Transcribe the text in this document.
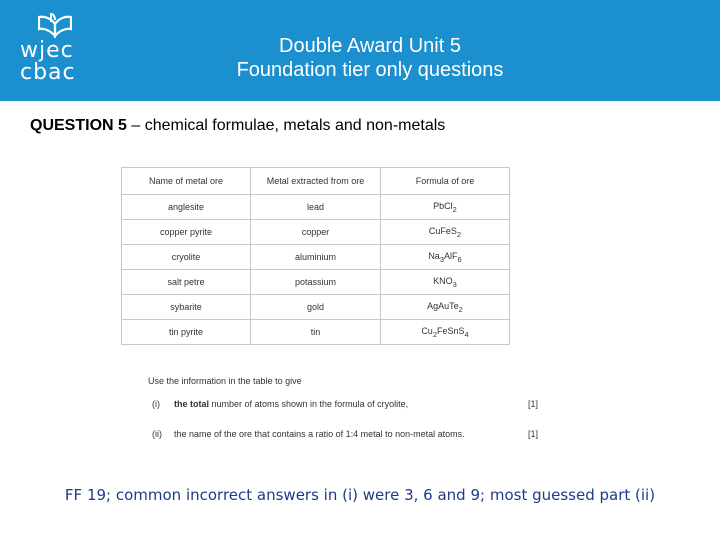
wjec
cbac
Double Award Unit 5
Foundation tier only questions
QUESTION 5 – chemical formulae, metals and non-metals
Name of metal ore	Metal extracted from ore	Formula of ore
anglesite	lead	PbCl$_2$
copper pyrite	copper	CuFeS$_2$
cryolite	aluminium	$Na_3AlF_6$
salt petre	potassium	$KNO_3$
sybarite	gold	AgAuTe$_2$
tin pyrite	tin	$Cu_2FeSnS_4$
Use the information in the table to give
(i) the total number of atoms shown in the formula of cryolite,	[1]
(ii) the name of the ore that contains a ratio of 1:4 metal to non-metal atoms.	[1]
FF 19; common incorrect answers in (i) were 3, 6 and 9; most guessed part (ii)
